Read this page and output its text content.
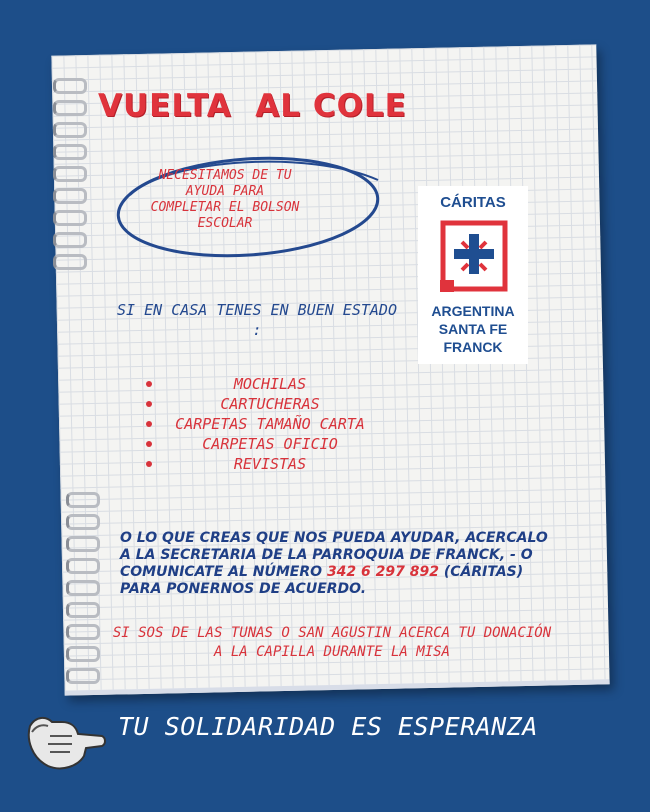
VUELTA  AL COLE
NECESITAMOS DE TU AYUDA PARA COMPLETAR EL BOLSON ESCOLAR
CÁRITAS
ARGENTINA
SANTA FE
FRANCK
SI EN CASA TENES EN BUEN ESTADO :
MOCHILAS
CARTUCHERAS
CARPETAS TAMAÑO CARTA
CARPETAS OFICIO
REVISTAS
O LO QUE CREAS QUE NOS PUEDA AYUDAR, ACERCALO A LA SECRETARIA DE LA PARROQUIA DE FRANCK, - O COMUNICATE AL NÚMERO 342 6 297 892 (CÁRITAS) PARA PONERNOS DE ACUERDO.
SI SOS DE LAS TUNAS O SAN AGUSTIN ACERCA TU DONACIÓN A LA CAPILLA DURANTE LA MISA
TU SOLIDARIDAD ES ESPERANZA
